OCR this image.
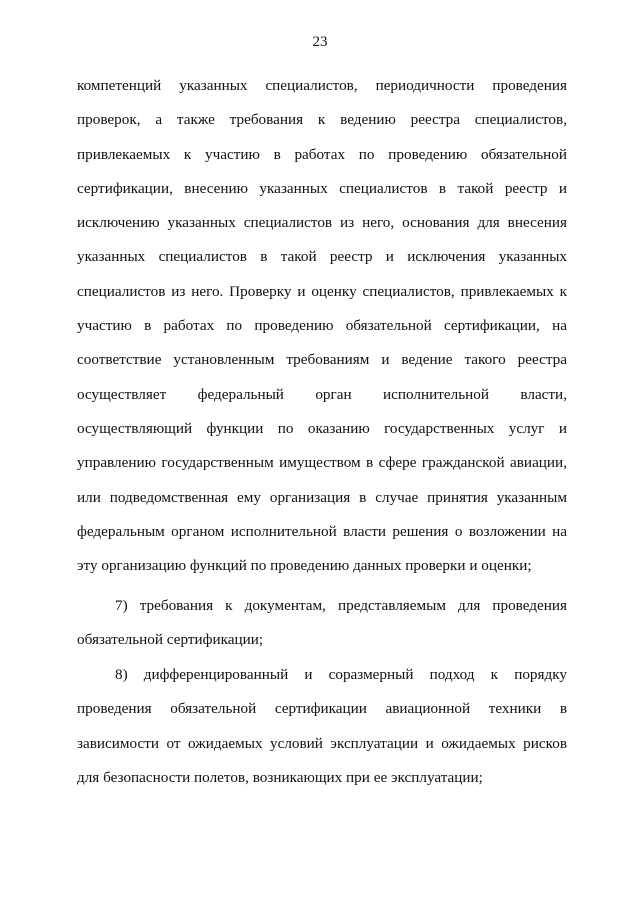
23
компетенций указанных специалистов, периодичности проведения
проверок, а также требования к ведению реестра специалистов,
привлекаемых к участию в работах по проведению обязательной
сертификации, внесению указанных специалистов в такой реестр и
исключению указанных специалистов из него, основания для внесения
указанных специалистов в такой реестр и исключения указанных
специалистов из него. Проверку и оценку специалистов, привлекаемых к
участию в работах по проведению обязательной сертификации, на
соответствие установленным требованиям и ведение такого реестра
осуществляет федеральный орган исполнительной власти,
осуществляющий функции по оказанию государственных услуг и
управлению государственным имуществом в сфере гражданской авиации,
или подведомственная ему организация в случае принятия указанным
федеральным органом исполнительной власти решения о возложении на
эту организацию функций по проведению данных проверки и оценки;
7) требования к документам, представляемым для проведения
обязательной сертификации;
8) дифференцированный и соразмерный подход к порядку
проведения обязательной сертификации авиационной техники в
зависимости от ожидаемых условий эксплуатации и ожидаемых рисков
для безопасности полетов, возникающих при ее эксплуатации;
